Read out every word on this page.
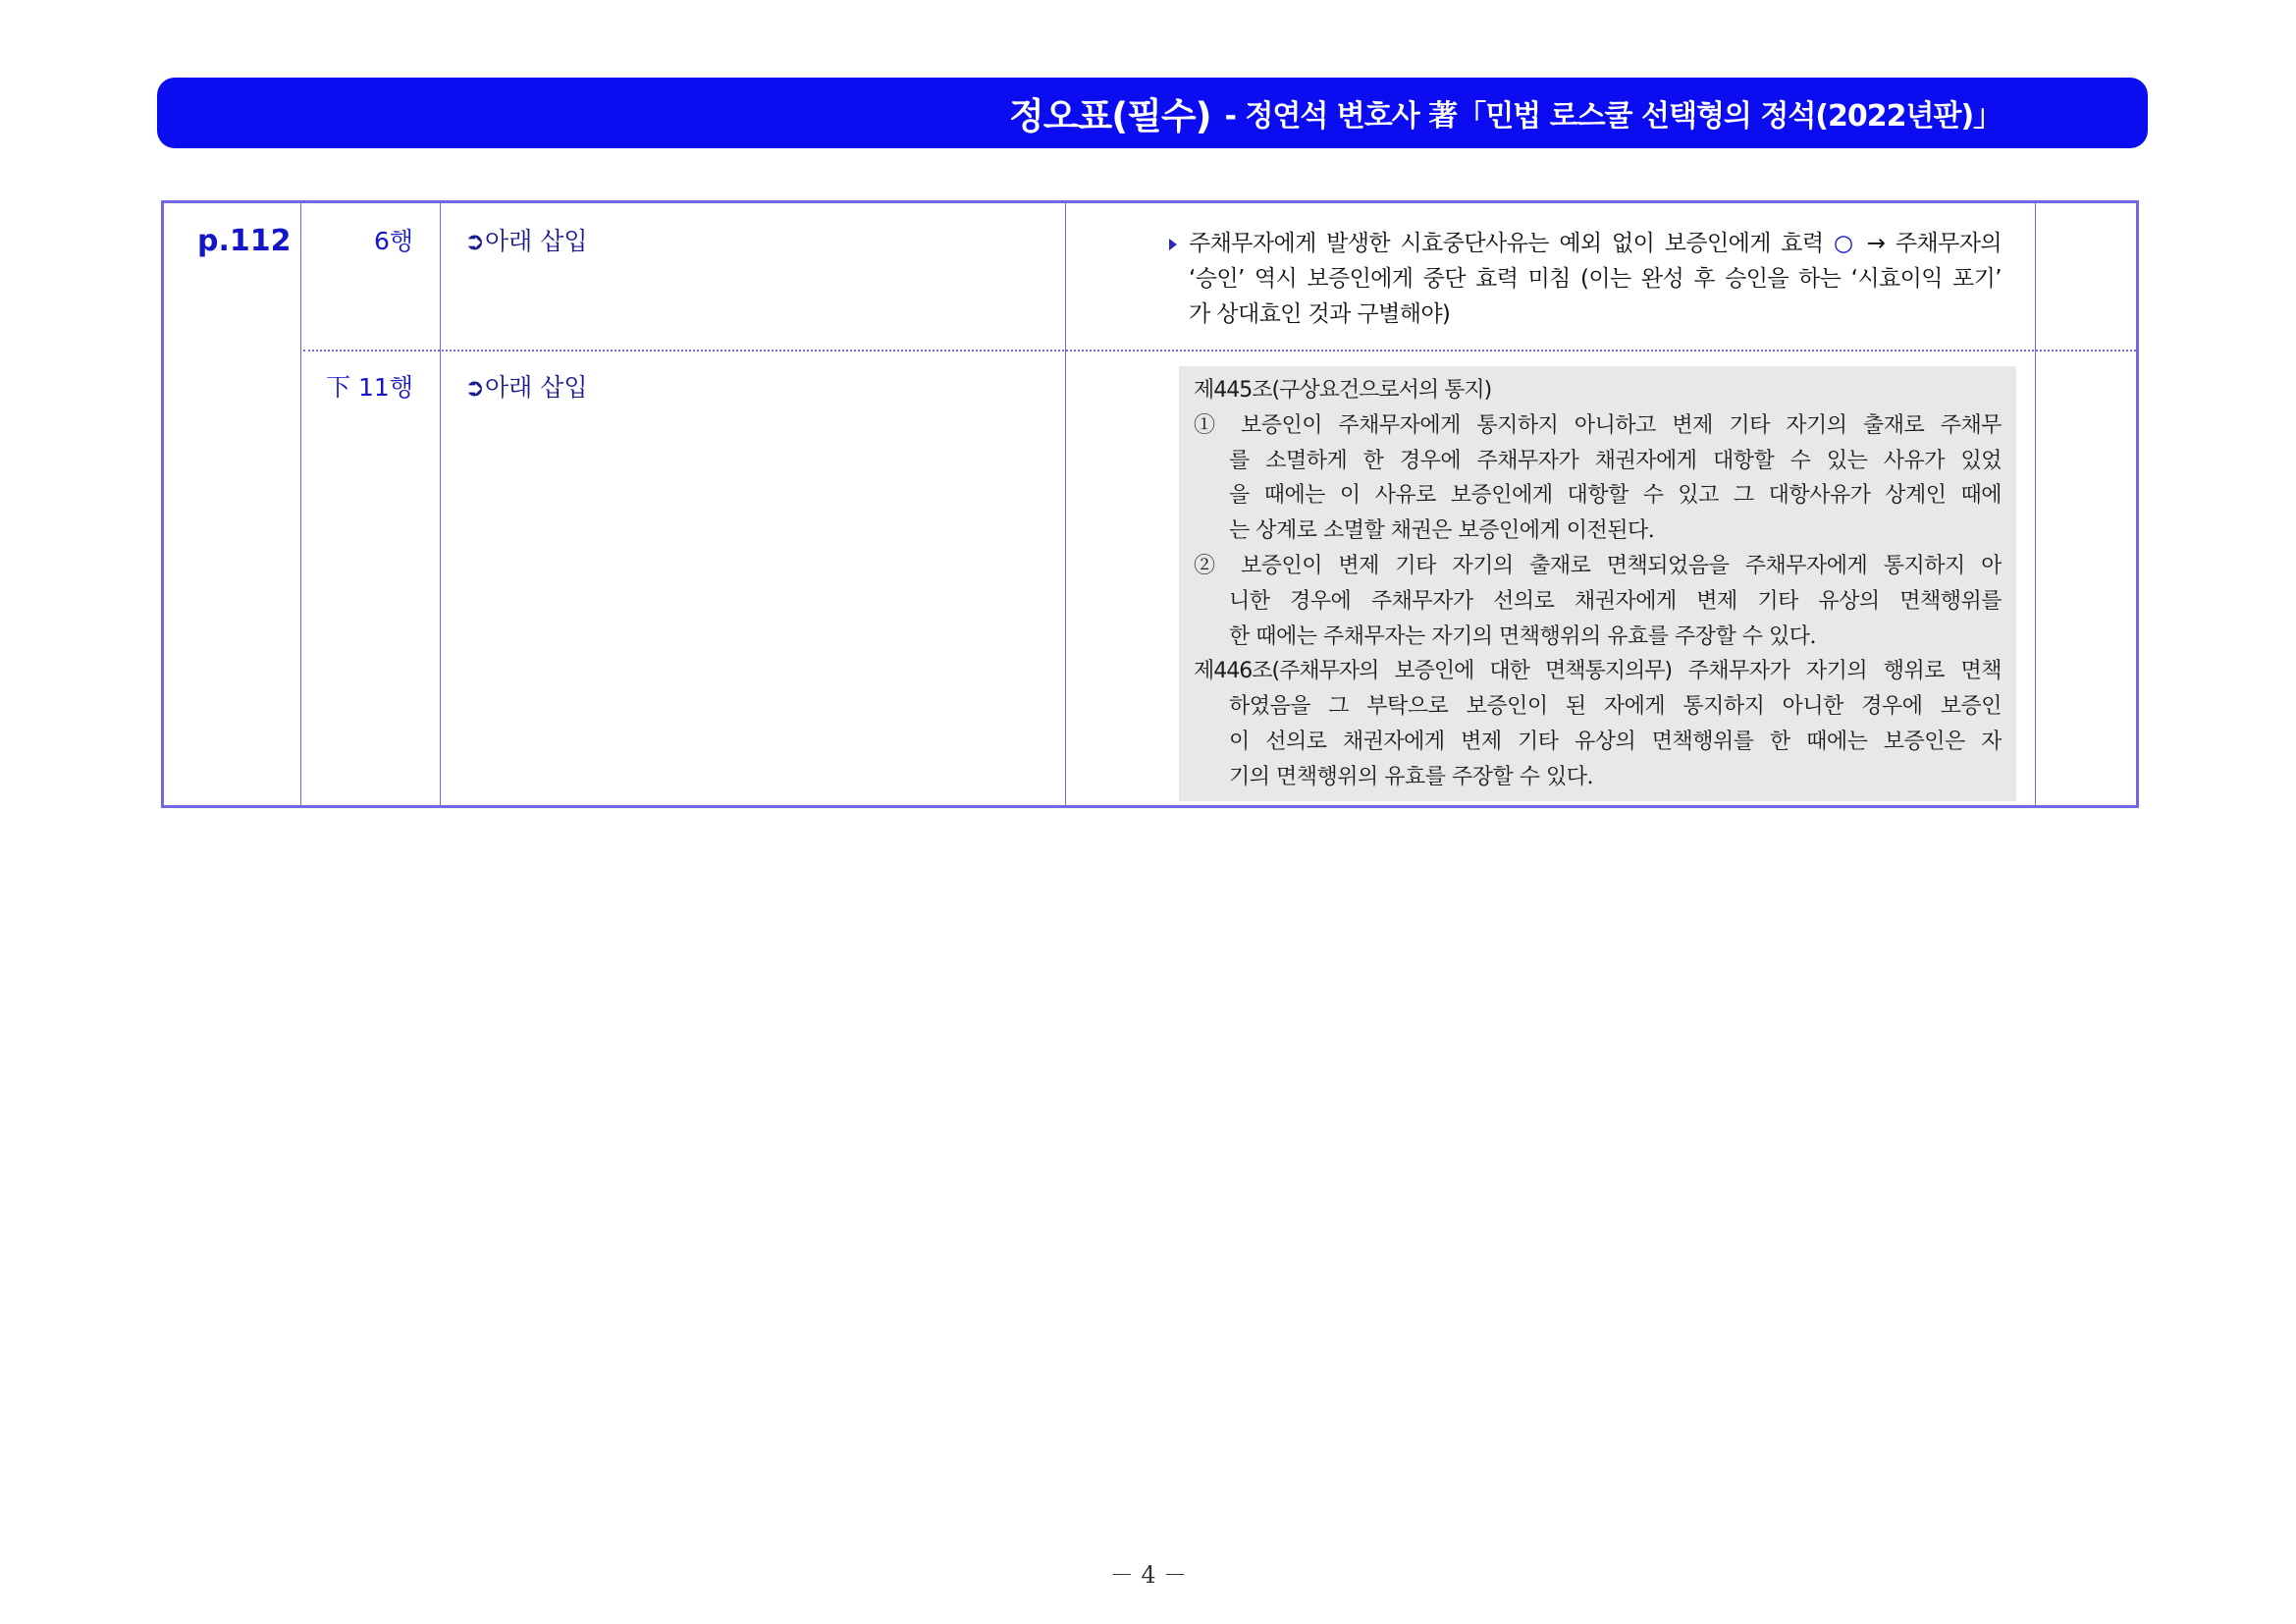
정오표(필수) - 정연석 변호사 著「민법 로스쿨 선택형의 정석(2022년판)」
p.112	6행 ➲아래 삽입	주채무자에게 발생한 시효중단사유는 예외 없이 보증인에게 효력 ○ → 주채무자의
‘승인’ 역시 보증인에게 중단 효력 미침 (이는 완성 후 승인을 하는 ‘시효이익 포기’
가 상대효인 것과 구별해야)
下 11행 ➲아래 삽입	제445조(구상요건으로서의 통지)
① 보증인이 주채무자에게 통지하지 아니하고 변제 기타 자기의 출재로 주채무
를 소멸하게 한 경우에 주채무자가 채권자에게 대항할 수 있는 사유가 있었
을 때에는 이 사유로 보증인에게 대항할 수 있고 그 대항사유가 상계인 때에
는 상계로 소멸할 채권은 보증인에게 이전된다.
② 보증인이 변제 기타 자기의 출재로 면책되었음을 주채무자에게 통지하지 아
니한 경우에 주채무자가 선의로 채권자에게 변제 기타 유상의 면책행위를
한 때에는 주채무자는 자기의 면책행위의 유효를 주장할 수 있다.
제446조(주채무자의 보증인에 대한 면책통지의무) 주채무자가 자기의 행위로 면책
하였음을 그 부탁으로 보증인이 된 자에게 통지하지 아니한 경우에 보증인
이 선의로 채권자에게 변제 기타 유상의 면책행위를 한 때에는 보증인은 자
기의 면책행위의 유효를 주장할 수 있다.
－ 4 －
